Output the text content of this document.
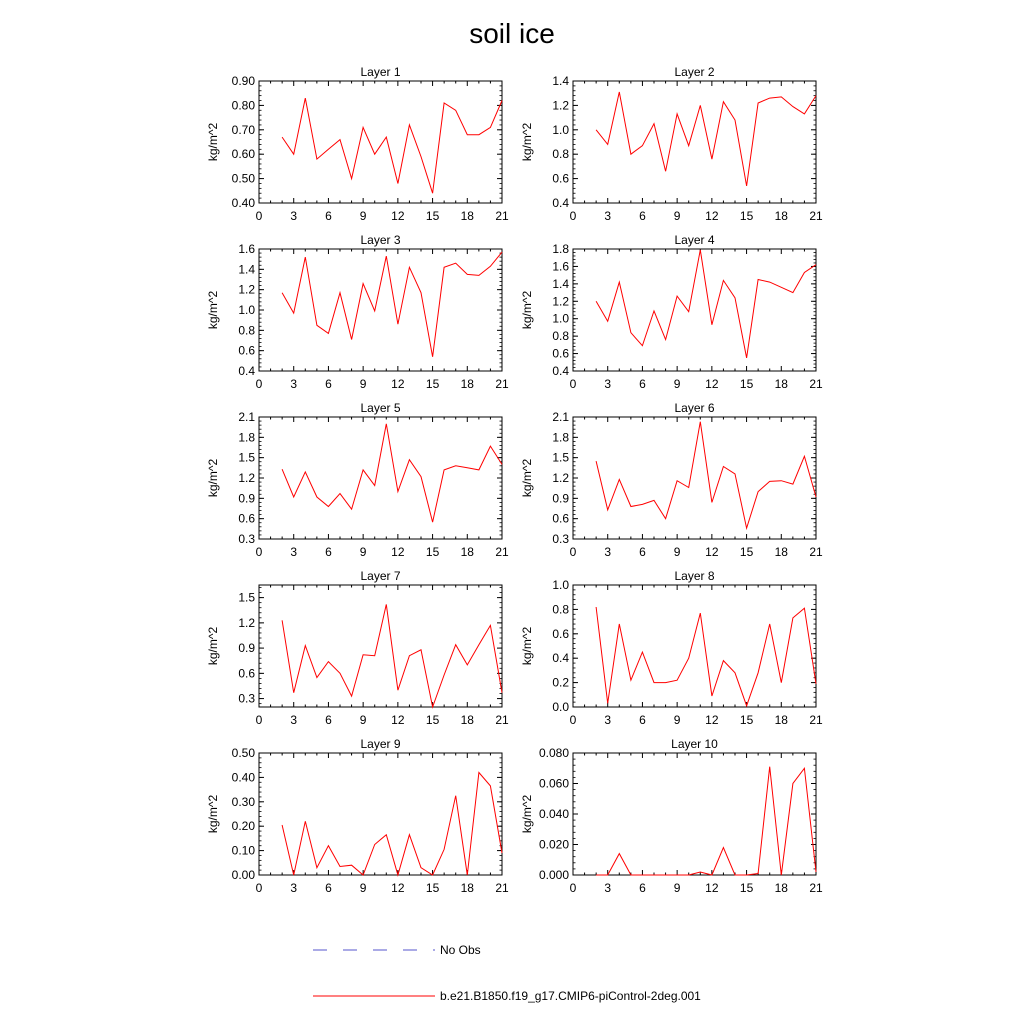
soil ice
Layer 1
0 3 6 9 12 15 18 21
0.40
0.50
0.60
0.70
0.80
0.90
kg/m^2
Layer 2
0 3 6 9 12 15 18 21
0.4
0.6
0.8
1.0
1.2
1.4
kg/m^2
Layer 3
0 3 6 9 12 15 18 21
0.4
0.6
0.8
1.0
1.2
1.4
1.6
kg/m^2
Layer 4
0 3 6 9 12 15 18 21
0.4
0.6
0.8
1.0
1.2
1.4
1.6
1.8
kg/m^2
Layer 5
0 3 6 9 12 15 18 21
0.3
0.6
0.9
1.2
1.5
1.8
2.1
kg/m^2
Layer 6
0 3 6 9 12 15 18 21
0.3
0.6
0.9
1.2
1.5
1.8
2.1
kg/m^2
Layer 7
0 3 6 9 12 15 18 21
0.3
0.6
0.9
1.2
1.5
kg/m^2
Layer 8
0 3 6 9 12 15 18 21
0.0
0.2
0.4
0.6
0.8
1.0
kg/m^2
Layer 9
0 3 6 9 12 15 18 21
0.00
0.10
0.20
0.30
0.40
0.50
kg/m^2
Layer 10
0 3 6 9 12 15 18 21
0.000
0.020
0.040
0.060
0.080
kg/m^2
No Obs
b.e21.B1850.f19_g17.CMIP6-piControl-2deg.001
